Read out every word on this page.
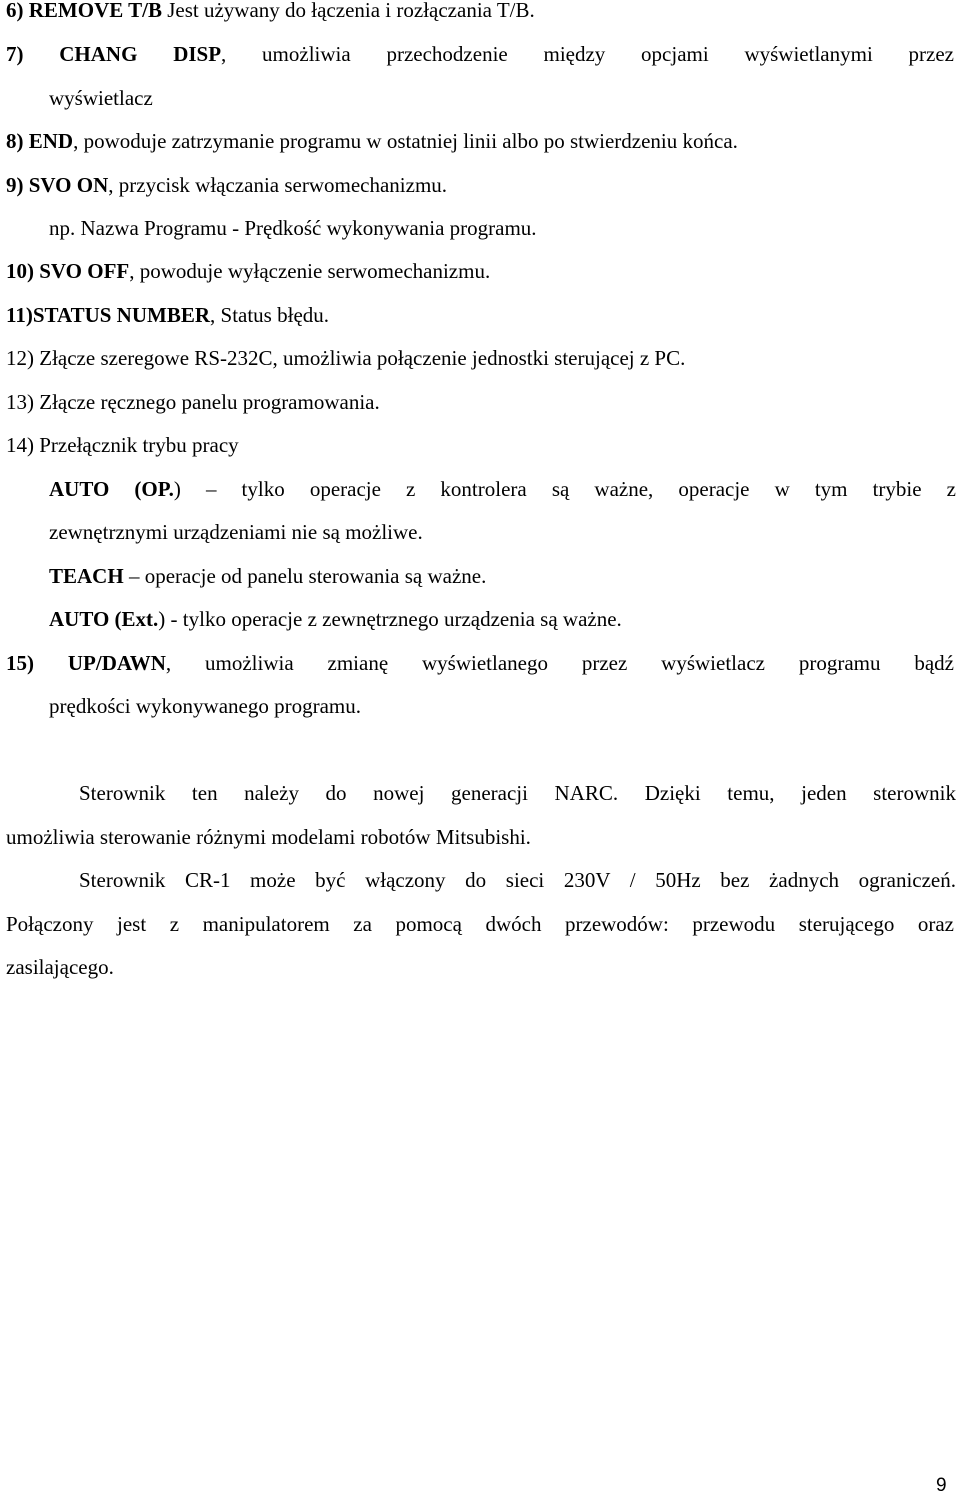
6) REMOVE T/B Jest używany do łączenia i rozłączania T/B.
7) CHANG DISP, umożliwia przechodzenie między opcjami wyświetlanymi przez
wyświetlacz
8) END, powoduje zatrzymanie programu w ostatniej linii albo po stwierdzeniu końca.
9) SVO ON, przycisk włączania serwomechanizmu.
np. Nazwa Programu - Prędkość wykonywania programu.
10) SVO OFF, powoduje wyłączenie serwomechanizmu.
11)STATUS NUMBER, Status błędu.
12) Złącze szeregowe RS-232C, umożliwia połączenie jednostki sterującej z PC.
13) Złącze ręcznego panelu programowania.
14) Przełącznik trybu pracy
AUTO (OP.) – tylko operacje z kontrolera są ważne, operacje w tym trybie z
zewnętrznymi urządzeniami nie są możliwe.
TEACH – operacje od panelu sterowania są ważne.
AUTO (Ext.) - tylko operacje z zewnętrznego urządzenia są ważne.
15) UP/DAWN, umożliwia zmianę wyświetlanego przez wyświetlacz programu bądź
prędkości wykonywanego programu.
Sterownik ten należy do nowej generacji NARC. Dzięki temu, jeden sterownik
umożliwia sterowanie różnymi modelami robotów Mitsubishi.
Sterownik CR-1 może być włączony do sieci 230V / 50Hz bez żadnych ograniczeń.
Połączony jest z manipulatorem za pomocą dwóch przewodów: przewodu sterującego oraz
zasilającego.
9
